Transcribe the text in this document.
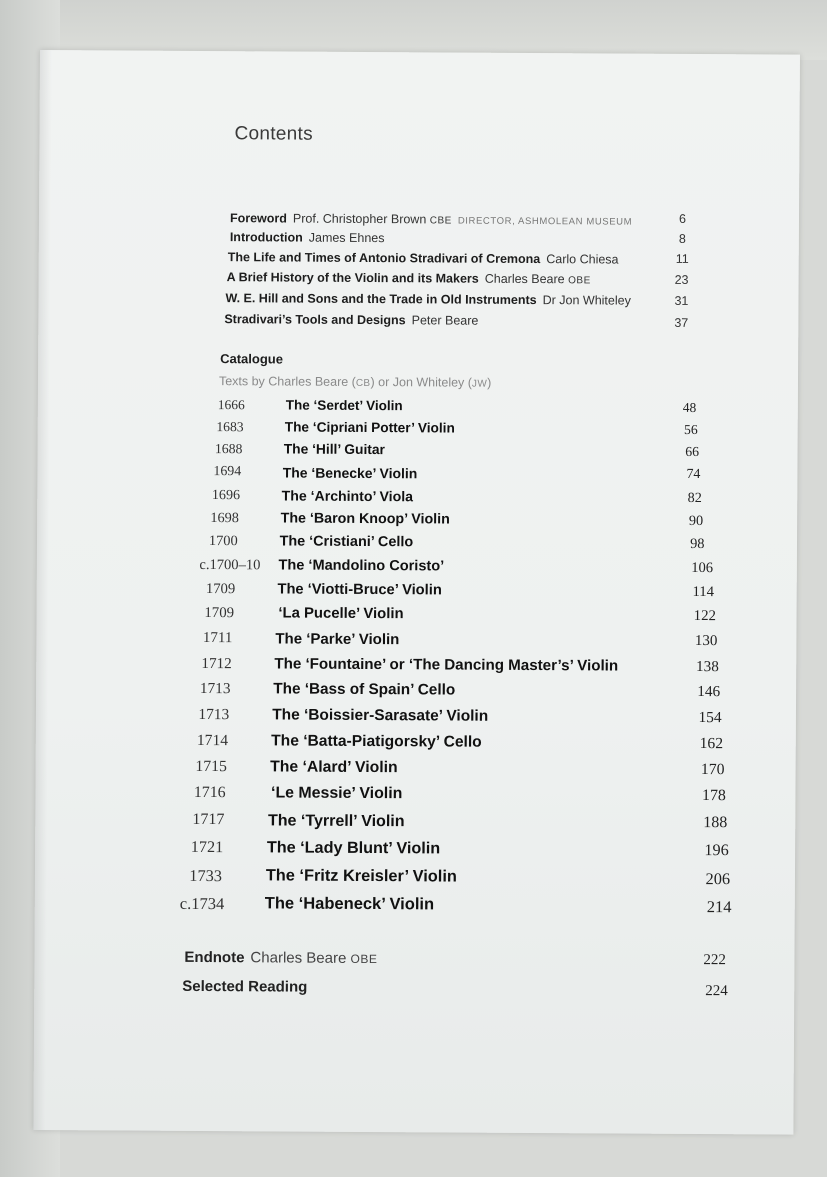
Contents
Foreword Prof. Christopher Brown CBE DIRECTOR, ASHMOLEAN MUSEUM	6
Introduction James Ehnes	8
The Life and Times of Antonio Stradivari of Cremona Carlo Chiesa	11
A Brief History of the Violin and its Makers Charles Beare OBE	23
W. E. Hill and Sons and the Trade in Old Instruments Dr Jon Whiteley	31
Stradivari’s Tools and Designs Peter Beare	37
Catalogue
Texts by Charles Beare (CB) or Jon Whiteley (JW)
1666	The ‘Serdet’ Violin	48
1683	The ‘Cipriani Potter’ Violin	56
1688	The ‘Hill’ Guitar	66
1694	The ‘Benecke’ Violin	74
1696	The ‘Archinto’ Viola	82
1698	The ‘Baron Knoop’ Violin	90
1700	The ‘Cristiani’ Cello	98
c.1700–10 The ‘Mandolino Coristo’	106
1709	The ‘Viotti-Bruce’ Violin	114
1709	‘La Pucelle’ Violin	122
1711	The ‘Parke’ Violin	130
1712	The ‘Fountaine’ or ‘The Dancing Master’s’ Violin	138
1713	The ‘Bass of Spain’ Cello	146
1713	The ‘Boissier-Sarasate’ Violin	154
1714	The ‘Batta-Piatigorsky’ Cello	162
1715	The ‘Alard’ Violin	170
1716	‘Le Messie’ Violin	178
1717	The ‘Tyrrell’ Violin	188
1721	The ‘Lady Blunt’ Violin	196
1733	The ‘Fritz Kreisler’ Violin	206
c.1734 The ‘Habeneck’ Violin	214
Endnote Charles Beare OBE	222
Selected Reading	224
